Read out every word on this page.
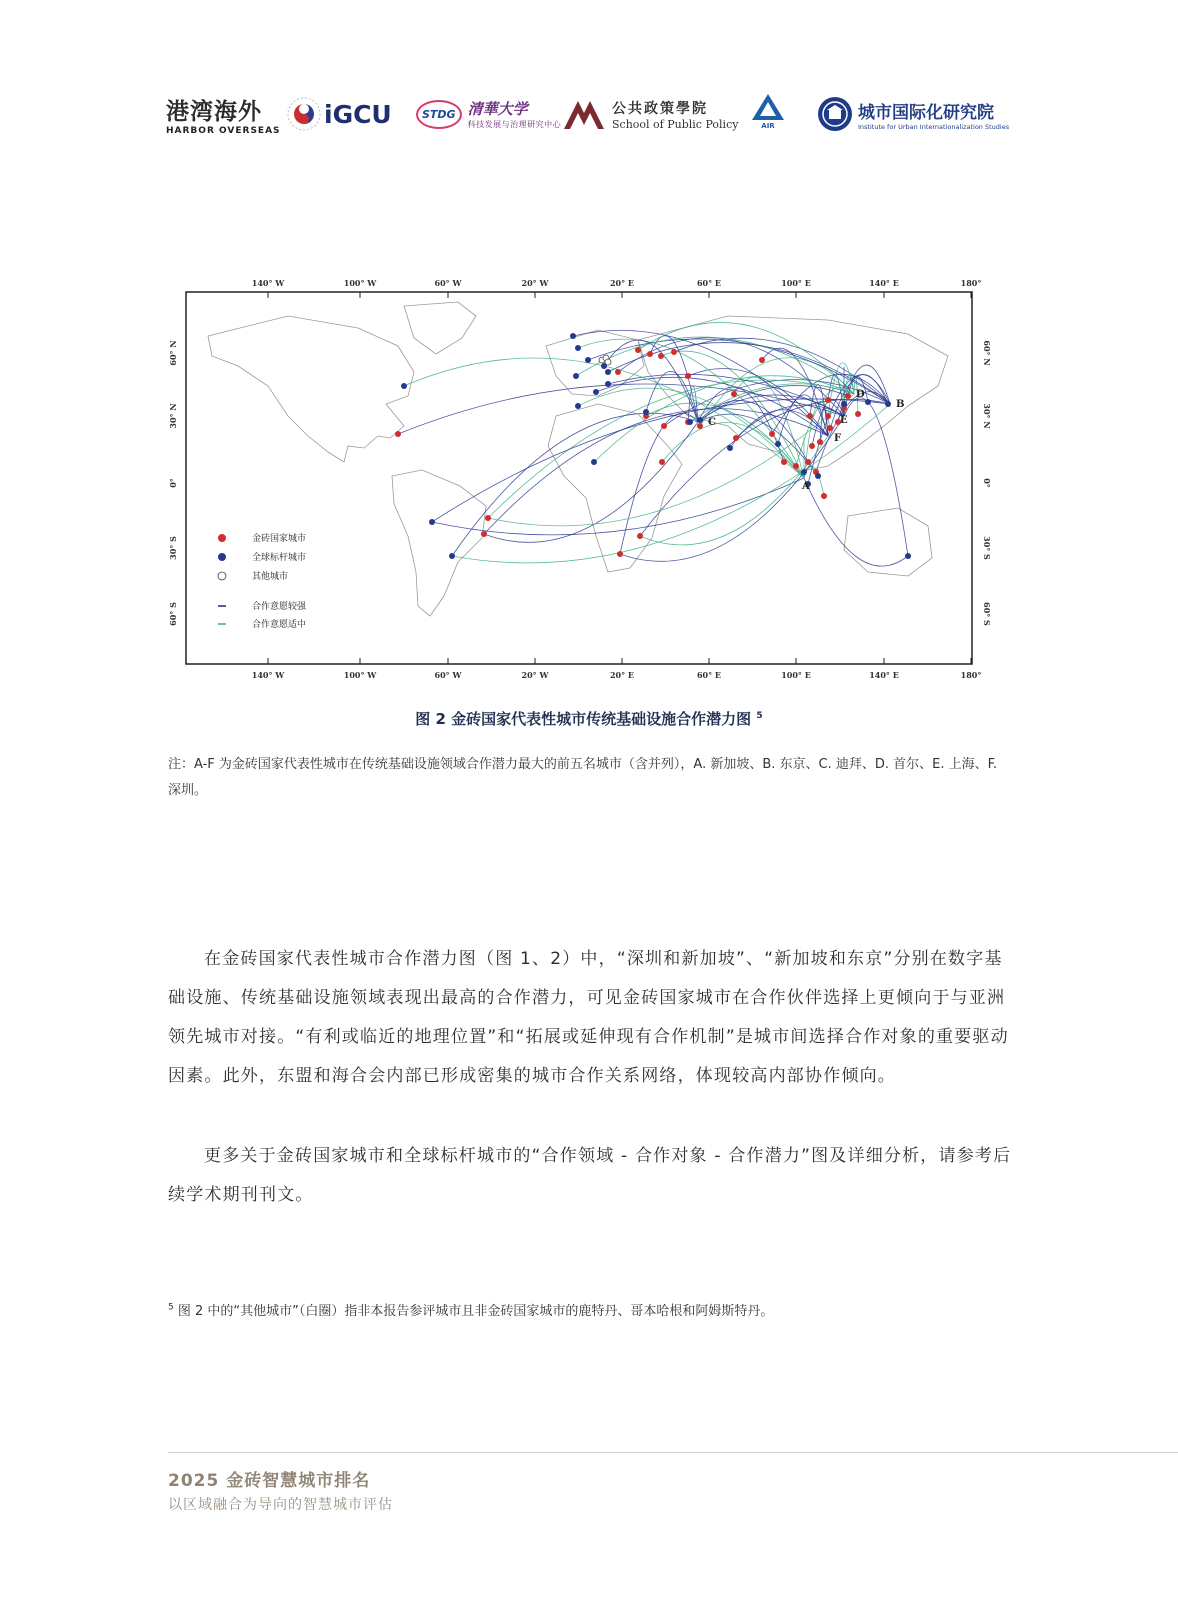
港湾海外
HARBOR OVERSEAS
iGCU	STDG 清華大学
科技发展与治理研究中心
公共政策學院
School of Public Policy	AIR
城市国际化研究院
Institute for Urban Internationalization Studies
140° W
140° W
100° W
100° W
60° W
60° W
20° W
20° W
20° E
20° E
60° E
60° E
100° E
100° E
140° E
140° E
180°
180°
60° N	60° N
30° N	30° N
0°	0°
30° S	30° S
60° S	60° S
金砖国家城市
全球标杆城市
其他城市
合作意愿较强
合作意愿适中
A
B
C
D
E
F
图 2 金砖国家代表性城市传统基础设施合作潜力图 $^5$
注：A-F 为金砖国家代表性城市在传统基础设施领域合作潜力最大的前五名城市（含并列），A. 新加坡、B. 东京、C. 迪拜、D. 首尔、E. 上海、F. 深圳。
在金砖国家代表性城市合作潜力图（图 1、2）中，“深圳和新加坡”、“新加坡和东京”分别在数字基础设施、传统基础设施领域表现出最高的合作潜力，可见金砖国家城市在合作伙伴选择上更倾向于与亚洲领先城市对接。“有利或临近的地理位置”和“拓展或延伸现有合作机制”是城市间选择合作对象的重要驱动因素。此外，东盟和海合会内部已形成密集的城市合作关系网络，体现较高内部协作倾向。
更多关于金砖国家城市和全球标杆城市的“合作领域 - 合作对象 - 合作潜力”图及详细分析，请参考后续学术期刊刊文。
$^5$ 图 2 中的“其他城市”（白圈）指非本报告参评城市且非金砖国家城市的鹿特丹、哥本哈根和阿姆斯特丹。
2025 金砖智慧城市排名
以区域融合为导向的智慧城市评估
